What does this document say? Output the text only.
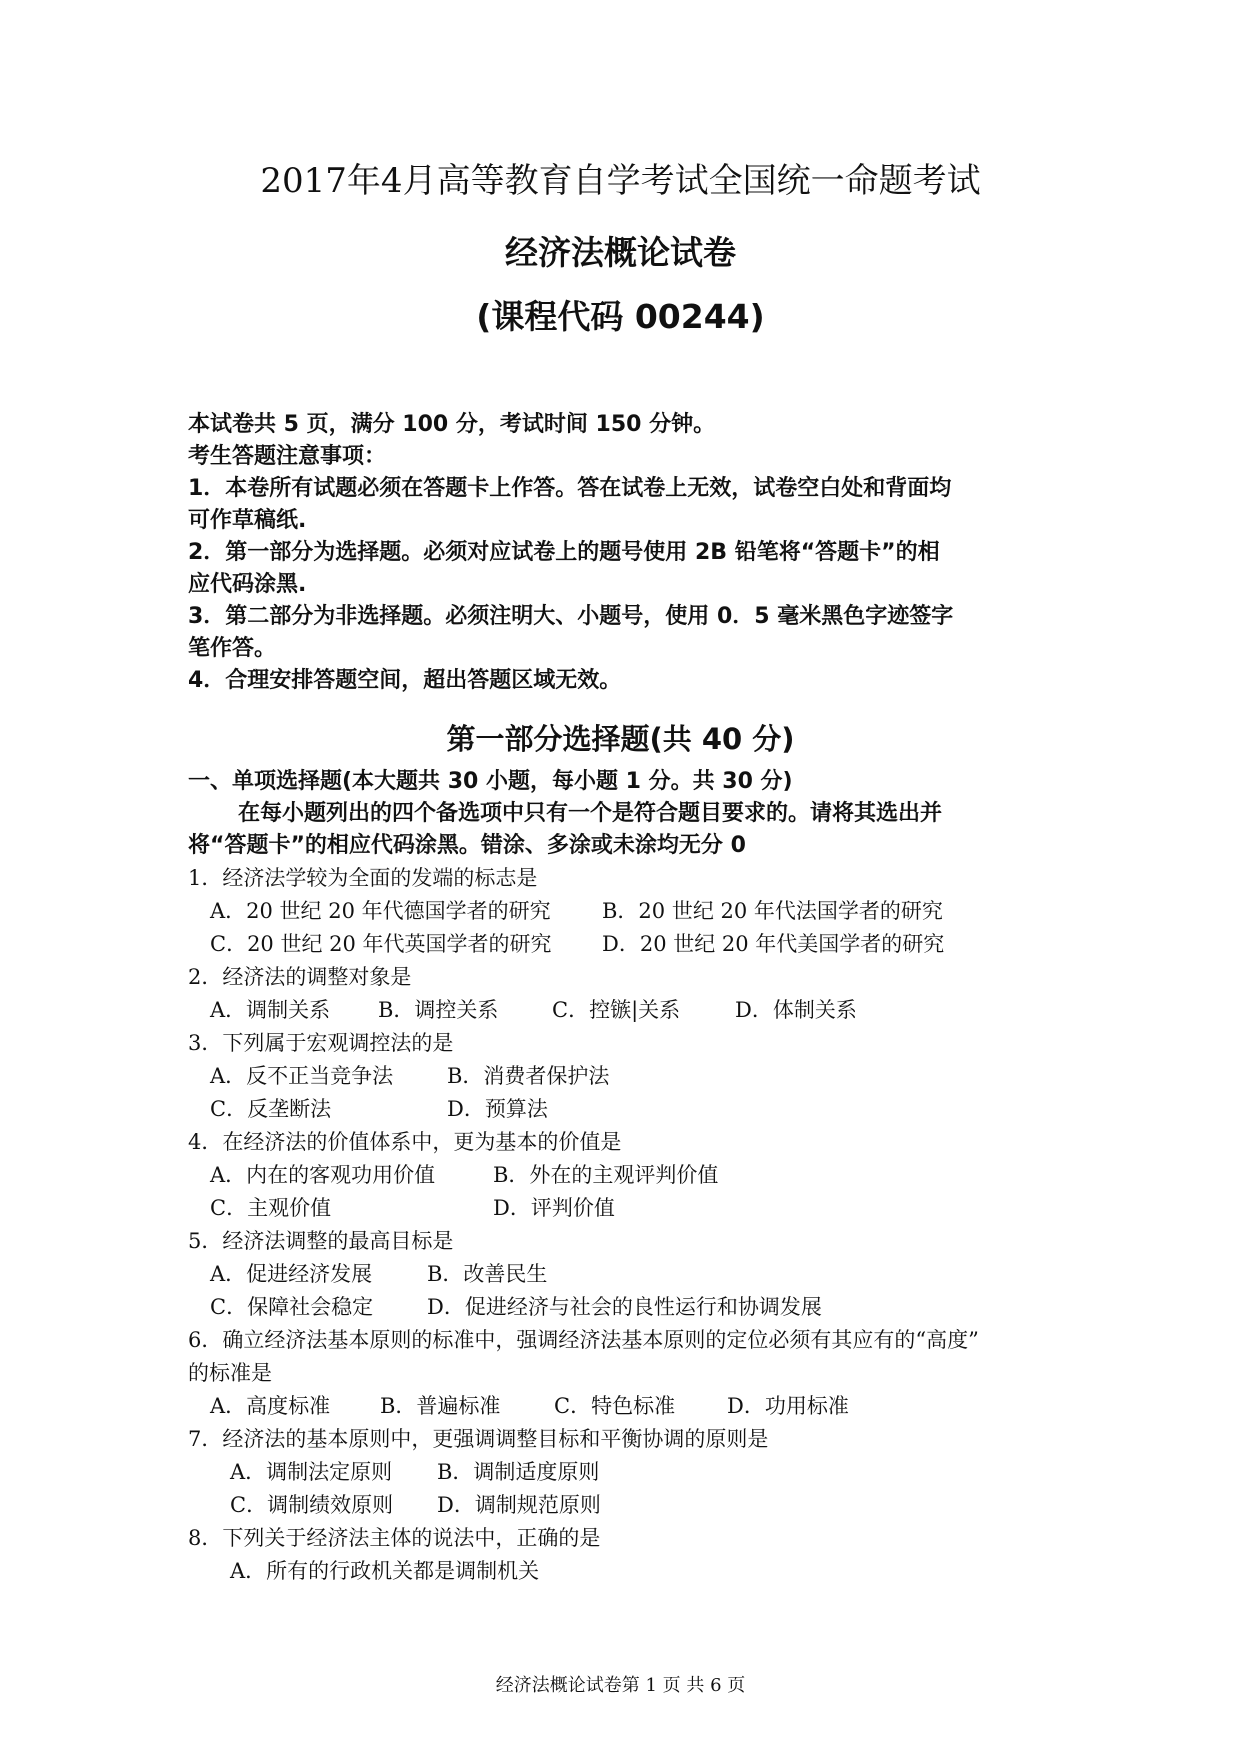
2017年4月高等教育自学考试全国统一命题考试
经济法概论试卷
(课程代码 00244)
本试卷共 5 页，满分 100 分，考试时间 150 分钟。
考生答题注意事项：
1．本卷所有试题必须在答题卡上作答。答在试卷上无效，试卷空白处和背面均
可作草稿纸.
2．第一部分为选择题。必须对应试卷上的题号使用 2B 铅笔将“答题卡”的相
应代码涂黑.
3．第二部分为非选择题。必须注明大、小题号，使用 0．5 毫米黑色字迹签字
笔作答。
4．合理安排答题空间，超出答题区域无效。
第一部分选择题(共 40 分)
一、单项选择题(本大题共 30 小题，每小题 1 分。共 30 分)
在每小题列出的四个备选项中只有一个是符合题目要求的。请将其选出并
将“答题卡”的相应代码涂黑。错涂、多涂或未涂均无分 0
1．经济法学较为全面的发端的标志是
A．20 世纪 20 年代德国学者的研究 B．20 世纪 20 年代法国学者的研究
C．20 世纪 20 年代英国学者的研究 D．20 世纪 20 年代美国学者的研究
2．经济法的调整对象是
A．调制关系 B．调控关系	C．控镞|关系	D．体制关系
3．下列属于宏观调控法的是
A．反不正当竞争法	B．消费者保护法
C．反垄断法	D．预算法
4．在经济法的价值体系中，更为基本的价值是
A．内在的客观功用价值	B．外在的主观评判价值
C．主观价值	D．评判价值
5．经济法调整的最高目标是
A．促进经济发展	B．改善民生
C．保障社会稳定	D．促进经济与社会的良性运行和协调发展
6．确立经济法基本原则的标准中，强调经济法基本原则的定位必须有其应有的“高度”
的标准是
A．高度标准 B．普遍标准	C．特色标准 D．功用标准
7．经济法的基本原则中，更强调调整目标和平衡协调的原则是
A．调制法定原则 B．调制适度原则
C．调制绩效原则 D．调制规范原则
8．下列关于经济法主体的说法中，正确的是
A．所有的行政机关都是调制机关
经济法概论试卷第 1 页 共 6 页
